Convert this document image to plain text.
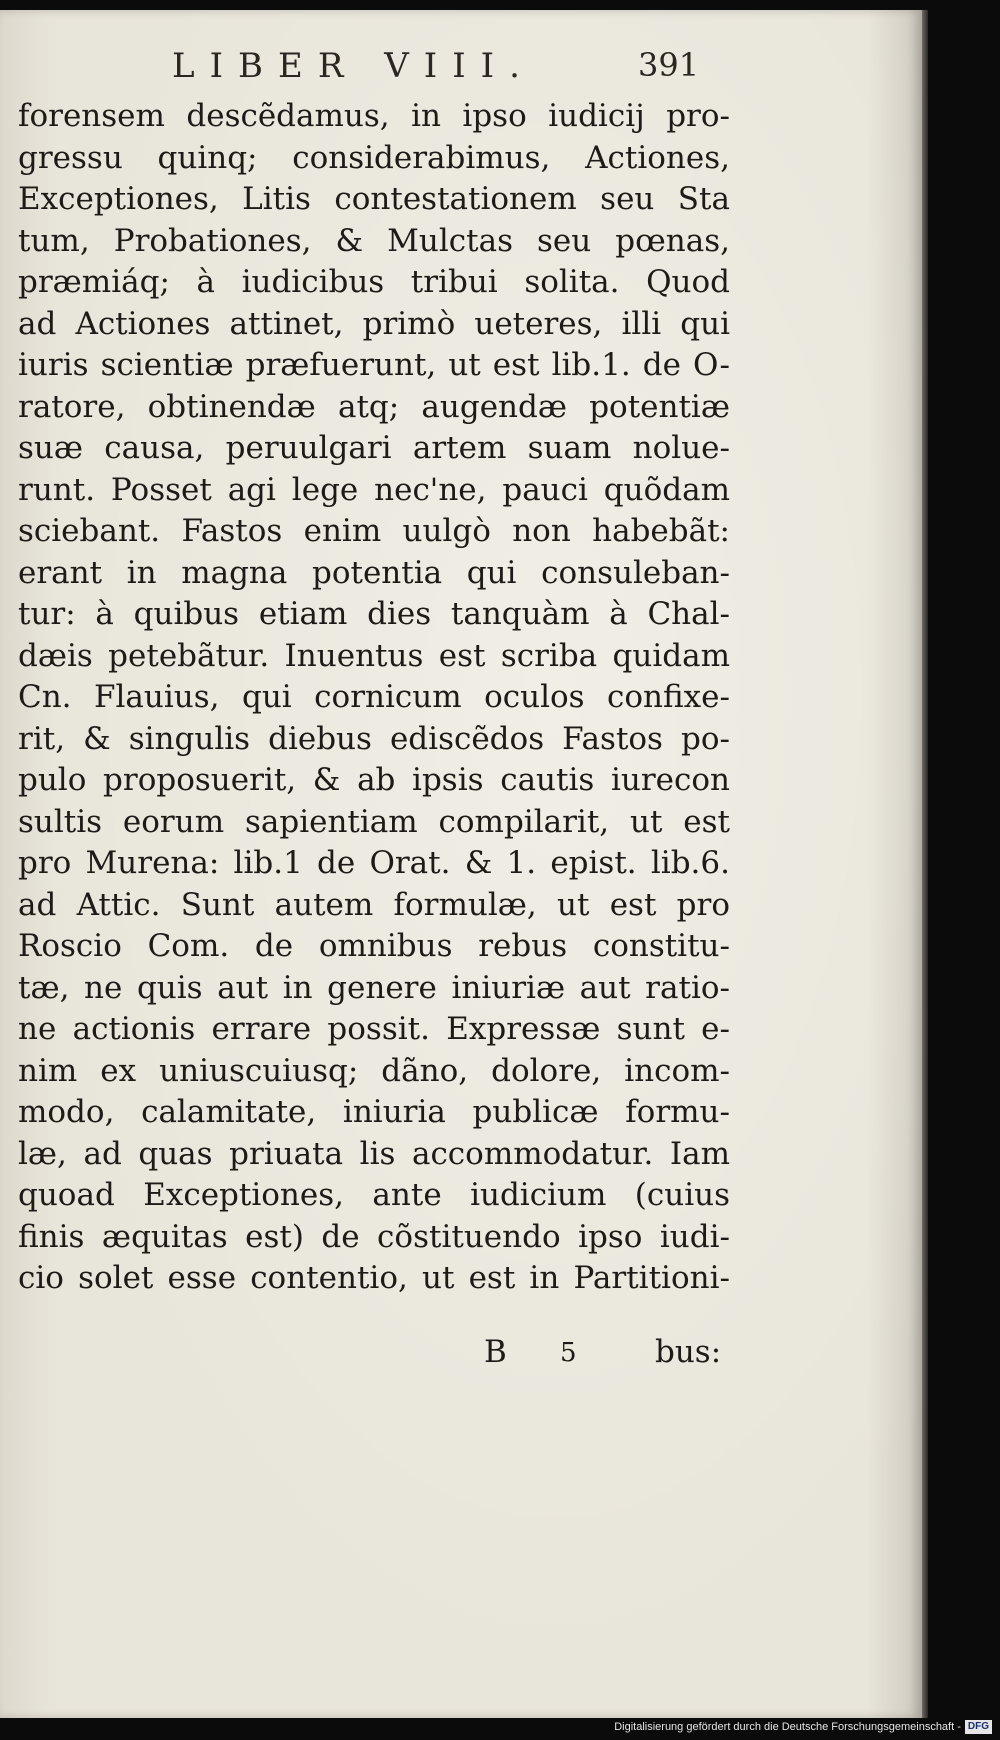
LIBER VIII.	391
forensem descẽdamus, in ipso iudicij pro-
gressu quinq; considerabimus, Actiones,
Exceptiones, Litis contestationem seu Sta
tum, Probationes, & Mulctas seu pœnas,
præmiáq; à iudicibus tribui solita. Quod
ad Actiones attinet, primò ueteres, illi qui
iuris scientiæ præfuerunt, ut est lib.1. de O-
ratore, obtinendæ atq; augendæ potentiæ
suæ causa, peruulgari artem suam nolue-
runt. Posset agi lege nec'ne, pauci quõdam
sciebant. Fastos enim uulgò non habebãt:
erant in magna potentia qui consuleban-
tur: à quibus etiam dies tanquàm à Chal-
dæis petebãtur. Inuentus est scriba quidam
Cn. Flauius, qui cornicum oculos confixe-
rit, & singulis diebus ediscẽdos Fastos po-
pulo proposuerit, & ab ipsis cautis iurecon
sultis eorum sapientiam compilarit, ut est
pro Murena: lib.1 de Orat. & 1. epist. lib.6.
ad Attic. Sunt autem formulæ, ut est pro
Roscio Com. de omnibus rebus constitu-
tæ, ne quis aut in genere iniuriæ aut ratio-
ne actionis errare possit. Expressæ sunt e-
nim ex uniuscuiusq; dãno, dolore, incom-
modo, calamitate, iniuria publicæ formu-
læ, ad quas priuata lis accommodatur. Iam
quoad Exceptiones, ante iudicium (cuius
finis æquitas est) de cõstituendo ipso iudi-
cio solet esse contentio, ut est in Partitioni-
B 5	bus:
Digitalisierung gefördert durch die Deutsche Forschungsgemeinschaft - DFG
